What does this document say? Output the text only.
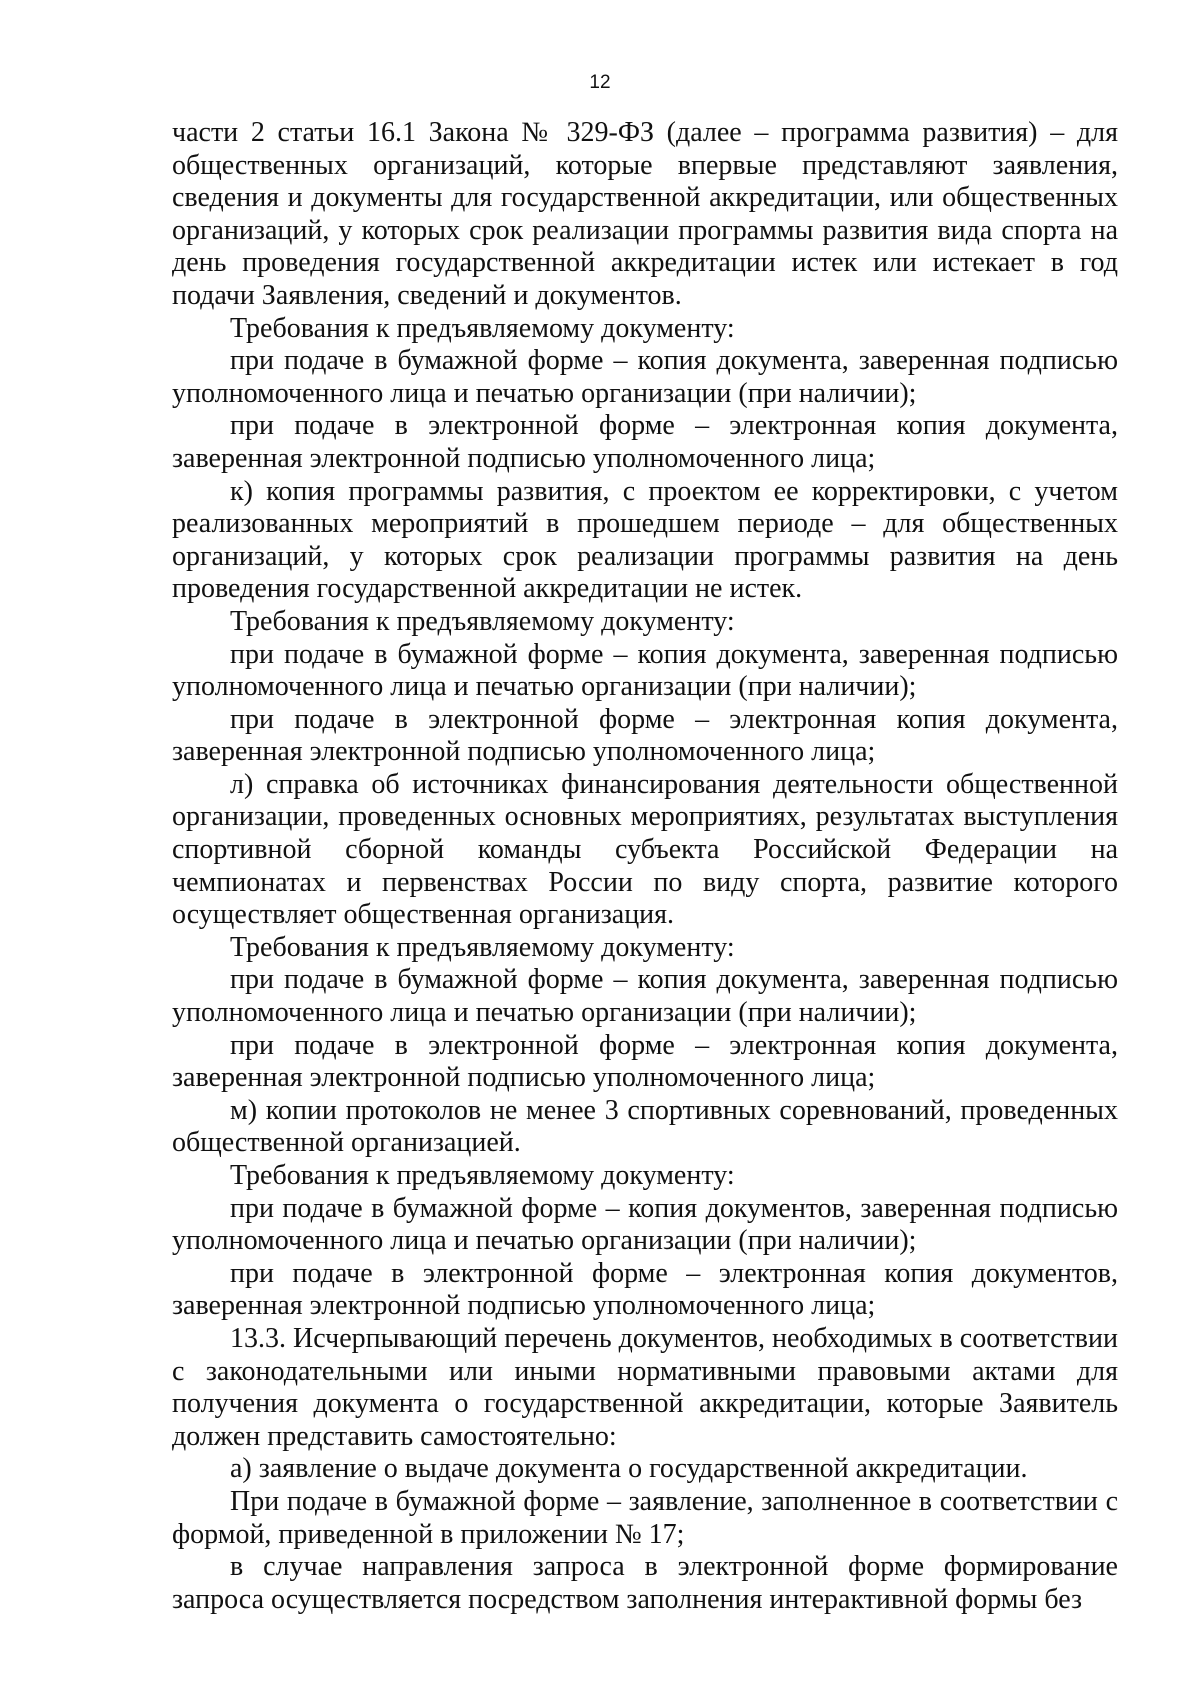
12

части 2 статьи 16.1 Закона № 329-ФЗ (далее – программа развития) – для общественных организаций, которые впервые представляют заявления, сведения и документы для государственной аккредитации, или общественных организаций, у которых срок реализации программы развития вида спорта на день проведения государственной аккредитации истек или истекает в год подачи Заявления, сведений и документов.

Требования к предъявляемому документу:

при подаче в бумажной форме – копия документа, заверенная подписью уполномоченного лица и печатью организации (при наличии);

при подаче в электронной форме – электронная копия документа, заверенная электронной подписью уполномоченного лица;

к) копия программы развития, с проектом ее корректировки, с учетом реализованных мероприятий в прошедшем периоде – для общественных организаций, у которых срок реализации программы развития на день проведения государственной аккредитации не истек.

Требования к предъявляемому документу:

при подаче в бумажной форме – копия документа, заверенная подписью уполномоченного лица и печатью организации (при наличии);

при подаче в электронной форме – электронная копия документа, заверенная электронной подписью уполномоченного лица;

л) справка об источниках финансирования деятельности общественной организации, проведенных основных мероприятиях, результатах выступления спортивной сборной команды субъекта Российской Федерации на чемпионатах и первенствах России по виду спорта, развитие которого осуществляет общественная организация.

Требования к предъявляемому документу:

при подаче в бумажной форме – копия документа, заверенная подписью уполномоченного лица и печатью организации (при наличии);

при подаче в электронной форме – электронная копия документа, заверенная электронной подписью уполномоченного лица;

м) копии протоколов не менее 3 спортивных соревнований, проведенных общественной организацией.

Требования к предъявляемому документу:

при подаче в бумажной форме – копия документов, заверенная подписью уполномоченного лица и печатью организации (при наличии);

при подаче в электронной форме – электронная копия документов, заверенная электронной подписью уполномоченного лица;

13.3. Исчерпывающий перечень документов, необходимых в соответствии с законодательными или иными нормативными правовыми актами для получения документа о государственной аккредитации, которые Заявитель должен представить самостоятельно:

а) заявление о выдаче документа о государственной аккредитации.

При подаче в бумажной форме – заявление, заполненное в соответствии с формой, приведенной в приложении № 17;

в случае направления запроса в электронной форме формирование запроса осуществляется посредством заполнения интерактивной формы без
